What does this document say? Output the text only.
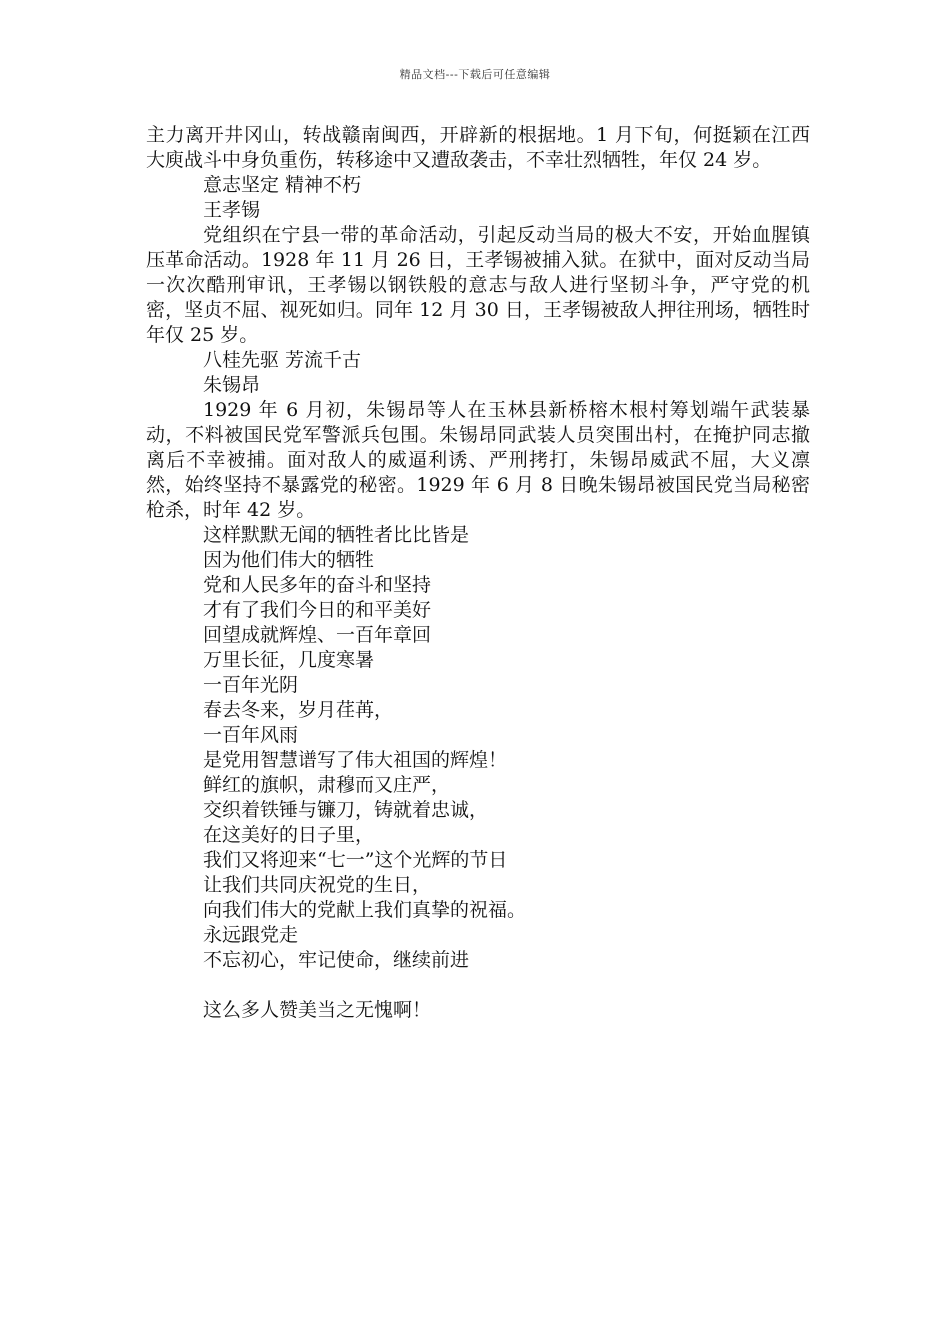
精品文档---下载后可任意编辑

主力离开井冈山，转战赣南闽西，开辟新的根据地。1 月下旬，何挺颖在江西大庾战斗中身负重伤，转移途中又遭敌袭击，不幸壮烈牺牲，年仅 24 岁。

意志坚定 精神不朽

王孝锡

党组织在宁县一带的革命活动，引起反动当局的极大不安，开始血腥镇压革命活动。1928 年 11 月 26 日，王孝锡被捕入狱。在狱中，面对反动当局一次次酷刑审讯，王孝锡以钢铁般的意志与敌人进行坚韧斗争，严守党的机密，坚贞不屈、视死如归。同年 12 月 30 日，王孝锡被敌人押往刑场，牺牲时年仅 25 岁。

八桂先驱 芳流千古

朱锡昂

1929 年 6 月初，朱锡昂等人在玉林县新桥榕木根村筹划端午武装暴动，不料被国民党军警派兵包围。朱锡昂同武装人员突围出村，在掩护同志撤离后不幸被捕。面对敌人的威逼利诱、严刑拷打，朱锡昂威武不屈，大义凛然，始终坚持不暴露党的秘密。1929 年 6 月 8 日晚朱锡昂被国民党当局秘密枪杀，时年 42 岁。

这样默默无闻的牺牲者比比皆是

因为他们伟大的牺牲

党和人民多年的奋斗和坚持

才有了我们今日的和平美好

回望成就辉煌、一百年章回

万里长征，几度寒暑

一百年光阴

春去冬来，岁月荏苒，

一百年风雨

是党用智慧谱写了伟大祖国的辉煌！

鲜红的旗帜，肃穆而又庄严，

交织着铁锤与镰刀，铸就着忠诚，

在这美好的日子里，

我们又将迎来“七一”这个光辉的节日

让我们共同庆祝党的生日，

向我们伟大的党献上我们真挚的祝福。

永远跟党走

不忘初心，牢记使命，继续前进

这么多人赞美当之无愧啊！
